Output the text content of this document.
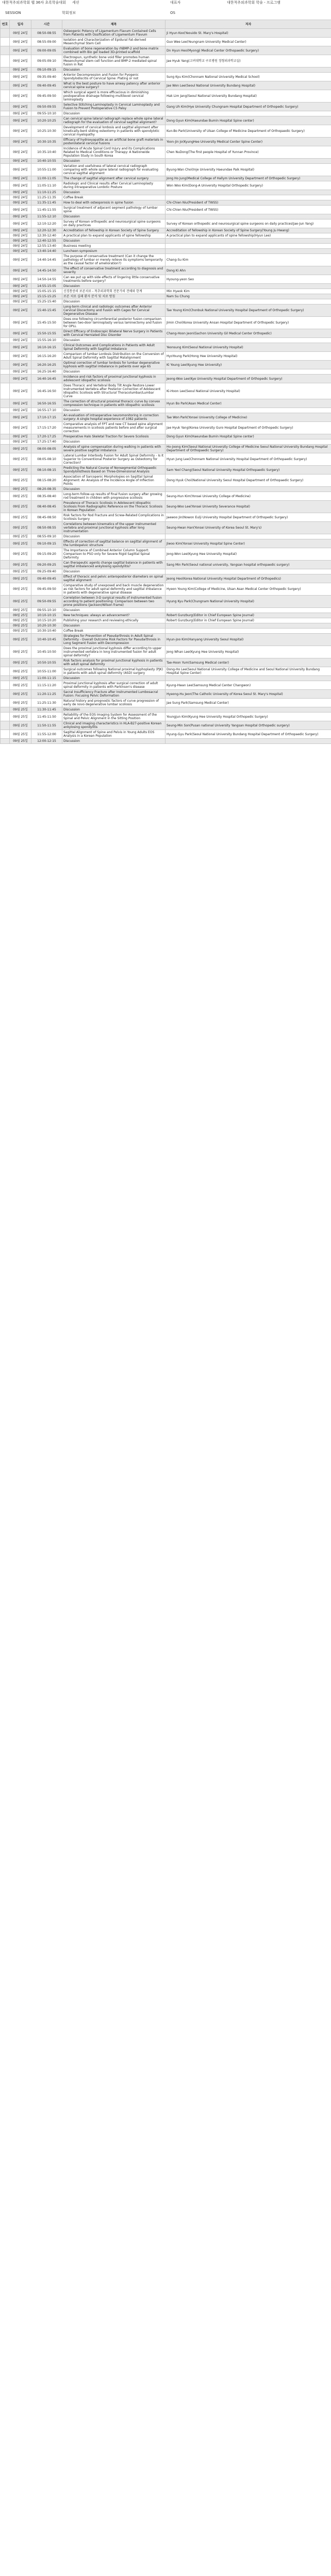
대한척추외과학회 웹 36차 초록학술대회 세션	대표자	대한척추외과학회 학술 - 프로그램
SESSION	학회정보	OS
번호	일자	시간	제목	저자
	09월 24일	08:50-08:55	Osteogenic Potency of Ligamentum Flavum Contained Cells from Patients with Ossification of Ligamentum Flavum	Ji Hyun Koo(Yeouido St. Mary's Hospital)
	09월 24일	08:55-09:00	Isolation and Characterization of Epidural Fat-derived Mesenchymal Stem Cell	Guo Wee Lee(Yeungnam University Medical Center)
	09월 24일	09:00-09:05	Evaluation of bone regeneration by rhBMP-2 and bone matrix combined with Bio gel loaded 3D-printed scaffold	Dn Hyun Heo(Myongji Medical Center Orthopaedic Surgery)
	09월 24일	09:05-09:10	Electrospun, synthetic bone void filler promotes human Mesenchymal stem cell function and BMP-2 mediated spinal fusion in Rat	Jae Hyuk Yang(고려대학교 구로병원 정형외과학교실)
	09월 24일	09:10-09:15	Discussion	
	09월 24일	09:35-09:40	Anterior Decompression and Fusion for Pyogenic Spondylodiscitis of Cervical Spine: Plating or not	Sung Kyu Kim(Chonnam National University Medical School)
	09월 24일	09:40-09:45	What is the best posture to have airway patency after anterior cervical spine surgery?	Jae Won Lee(Seoul National University Bundang Hospital)
	09월 24일	09:45-09:50	Which surgical agent is more efficacious in diminishing postoperative drainage following multilevel cervical laminoplasty	Hak Lim Jang(Seoul National University Bundang Hospital)
	09월 24일	09:50-09:55	Selective Stitching Laminoplasty in Cervical Laminoplasty and Fusion to Prevent Postoperative C5 Palsy	Gang Uh Kim(Hye University Chungnam Hospital Department of Orthopedic Surgery)
	09월 24일	09:55-10:10	Discussion	
	09월 24일	10:20-10:25	Can cervical spine lateral radiograph replace whole spine lateral radiograph for the evaluation of cervical sagittal alignment?	Dong Gyun Kim(Haeundae Bumin Hospital Spine center)
	09월 24일	10:25-10:30	Development of cervical lordosis and sagittal alignment after kinetically-bent sliding osteotomy in patients with spondylotic cervical myelopathy	Kun-Bo Park(University of Ulsan College of Medicine Department of Orthopaedic Surgery)
	09월 24일	10:30-10:35	Efficacy of hydroxyapatite as an artificial bone graft materials in posterolateral cervical fusions	Yoon-Jin Jo(KyungHee University Medical Center Spine Center)
	09월 24일	10:35-10:40	Incidence of Acute Spinal Cord Injury and its Complications Related to Medical Conditions or Therapy: A Nationwide Population Study in South Korea	Chen NuDong(The first people Hospital of Yunnan Province)
	09월 24일	10:40-10:55	Discussion	
	09월 24일	10:55-11:00	Variation and usefulness of lateral cervical radiograph comparing with whole spine lateral radiograph for evaluating cervical sagittal alignment	Byung-Wan Choi(Inje University Haeundae Paik Hospital)
	09월 24일	11:00-11:05	The change of sagittal alignment after cervical surgery	Jong Ho Jung(Medical College of Hallym University Department of Orthopedic Surgery)
	09월 24일	11:05-11:10	Radiologic and Clinical results after Cervical Laminoplasty during intraoperative Lordotic Posture	Won Woo Kim(Dong-A University Hospital Orthopedic Surgery)
	09월 24일	11:10-11:25	Discussion	
	09월 24일	11:25-11:35	Coffee Break	
	09월 24일	11:35-11:45	How to deal with osteoporosis in spine fusion	Chi-Chien Niu(President of TWSS)
	09월 24일	11:45-11:55	Surgical treatment of adjacent segment pathology of lumbar spine	Chi-Chien Niu(President of TWSS)
	09월 24일	11:55-12:10	Discussion	
	09월 24일	12:10-12:20	Survey of Korean orthopedic and neurosurgical spine surgeons on daily practices	Survey of Korean orthopedic and neurosurgical spine surgeons on daily practices(Jae-Jun Yang)
	09월 24일	12:20-12:30	Accreditation of fellowship in Korean Society of Spine Surgery	Accreditation of fellowship in Korean Society of Spine Surgery(Young Ju Hwang)
	09월 24일	12:30-12:40	A practical plan to expand applicants of spine fellowship	A practical plan to expand applicants of spine fellowship(Hyun Lee)
	09월 24일	12:40-12:55	Discussion	
	09월 24일	12:55-13:40	Business meeting	
	09월 24일	13:40-14:40	Luncheon symposium	
	09월 24일	14:40-14:45	The purpose of conservative treatment (Can it change the pathology of lumbar or merely relieve its symptoms temporarily as the causal factor of amelioration?)	Chang-Su Kim
	09월 24일	14:45-14:50	The effect of conservative treatment according to diagnosis and severity	Dong Ki Ahn
	09월 24일	14:50-14:55	Can we put up with side effects of lingering little conservative treatments before surgery?	Hyoung-yeon Seo
	09월 24일	14:55-15:05	Discussion	
	09월 24일	15:05-15:15	신경통증의 보존치료 - 척추외과학회 전문가의 견해와 한계	Min Hyeok Kim
	09월 24일	15:15-15:25	보존 치료 실패 환자 분석 및 치료 방침	Nam Su Chung
	09월 24일	15:25-15:40	Discussion	
	09월 24일	15:40-15:45	Long-term clinical and radiologic outcomes after Anterior Cervical Discectomy and Fusion with Cages for Cervical Degenerative Disease	Tae Young Kim(Chonbuk National University Hospital Department of Orthopedic Surgery)
	09월 24일	15:45-15:50	Does one following circumferential posterior fusion comparison between two-door laminoplasty versus laminectomy and fusion for OPLL	Jimin Choi(Korea University Ansan Hospital Department of Orthopedic Surgery)
	09월 24일	15:50-15:55	Direct Efficacy of Endoscopic Bilateral Nerve Surgery in Patients with Cervical Herniated Disc Disorder	Chang-Hoon Jeon(Gachon University Gil Medical Center Orthopedic)
	09월 24일	15:55-16:10	Discussion	
	09월 24일	16:10-16:15	Clinical Outcomes and Complications in Patients with Adult Spinal Deformity with Sagittal Imbalance	Yeonsung Kim(Seoul National University Hospital)
	09월 24일	16:15-16:20	Comparison of lumbar Lordosis Distribution on the Conversion of Adult Spinal Deformity with Sagittal Malalignment	HyoYoung Park(Hong Hee University Hospital)
	09월 24일	16:20-16:25	Optimal correction of lumbar lordosis for lumbar degenerative kyphosis with sagittal imbalance in patients over age 65	Ki Young Lee(Kyung Hee University)
	09월 24일	16:25-16:40	Discussion	
	09월 24일	16:40-16:45	Incidence and risk factors of proximal junctional kyphosis in adolescent idiopathic scoliosis	Jeong-Woo Lee(Kye University Hospital Department of Orthopedic Surgery)
	09월 24일	16:45-16:50	Does Thoracic and Vertebral Body Tilt Angle Restore Lower Instrumented Vertebra after Posterior Correction of Adolescent Idiopathic Scoliosis with Structural Thoracolumbar/Lumbar Curve	Ki-Hoon Lee(Seoul National University Hospital)
	09월 24일	16:50-16:55	The correction of structural proximal thoracic curve by convex compression technique in patients with idiopathic scoliosis	Hyun Bo Park(Asan Medical Center)
	09월 24일	16:55-17:10	Discussion	
	09월 24일	17:10-17:15	An evaluation of intraoperative neuromonitoring in correction surgery: A single hospital experience of 1082 patients	Tae Won Park(Yonsei University College of Medicine)
	09월 24일	17:15-17:20	Comparative analysis of FPT and new CT based spine alignment measurements in scoliosis patients before and after surgical correction	Jae Hyuk Yang(Korea University Guro Hospital Department of Orthopedic Surgery)
	09월 24일	17:20-17:25	Preoperative Halo Skeletal Traction for Severe Scoliosis	Dong Gyun Kim(Haeundae Bumin Hospital Spine center)
	09월 24일	17:25-17:40	Discussion	
	09월 25일	08:00-08:05	Analysis of spine compensation during walking in patients with severe positive sagittal imbalance	Ho-Joong Kim(Seoul National University College of Medicine Seoul National University Bundang Hospital Department of Orthopaedic Surgery)
	09월 25일	08:05-08:10	Lateral Lumbar Interbody Fusion for Adult Spinal Deformity - Is It Superior to Conventional Posterior Surgery as Osteotomy for Correction?	Hyun Jung Lee(Chonnam National University Hospital Department of Orthopaedic Surgery)
	09월 25일	08:10-08:15	Predicting the Natural Course of Nonsegmental Orthopaedic Spondylolisthesis Based on Three-Dimensional Analysis	Sam Yeol Chang(Seoul National University Hospital Orthopaedic Surgery)
	09월 25일	08:15-08:20	Association of Sarcopenic Morphologies on Sagittal Spinal Alignment: An Analysis of the Incidence Angle of Inflection Points	Dong Hyuk Choi(National University Seoul Hospital Department of Orthopaedic Surgery)
	09월 25일	08:20-08:35	Discussion	
	09월 25일	08:35-08:40	Long-term follow-up results of final fusion surgery after growing rod treatment in children with progressive scoliosis	Seung-Hun Kim(Yonsei University College of Medicine)
	09월 25일	08:40-08:45	Prevalence of Thoracic Scoliosis in Adolescent Idiopathic Scoliosis From Radiographic Reference on the Thoracic Scoliosis in Korean Population	Seung-Woo Lee(Yonsei University Severance Hospital)
	09월 25일	08:45-08:50	Risk factors for Rod Fracture and Screw-Related Complications in Scoliosis Surgery	Jaewoo Jin(Nowon Eulji University Hospital Department of Orthopedic Surgery)
	09월 25일	08:50-08:55	Correlations between kinematics of the upper instrumented vertebra and proximal junctional kyphosis after long instrumentation	Seung-Hwan Han(Yonsei University of Korea Seoul St. Mary's)
	09월 25일	08:55-09:10	Discussion	
	09월 25일	09:10-09:15	Effects of correction of sagittal balance on sagittal alignment of the lumbopelvic structure	Jiwoo Kim(Yonsei University Hospital Spine Center)
	09월 25일	09:15-09:20	The Importance of Combined Anterior Column Support: Comparison to PSO only for Severe Rigid Sagittal Spinal Deformity	Jong-Won Lee(Kyung Hee University Hospital)
	09월 25일	09:20-09:25	Can therapeutic agents change sagittal balance in patients with sagittal imbalanced ankylosing spondylitis?	Sang Min Park(Seoul national university, Yangsan hospital orthopaedic surgery)
	09월 25일	09:25-09:40	Discussion	
	09월 25일	09:40-09:45	Effect of thoracic and pelvic anteroposterior diameters on spinal sagittal alignment	Jeong Heo(Korea National University Hospital Department of Orthopedics)
	09월 25일	09:45-09:50	Comparative study of unexposed and back muscle degeneration as risk factors for adult spinal deformity and sagittal imbalance in patients with degenerative spinal disease	Hyeon Young Kim(College of Medicine, Ulsan Asan Medical Center Orthopedic Surgery)
	09월 25일	09:50-09:55	Correlation between 3-D surgical results of instrumented fusion according to patient positioning: Comparison between two prone positions (Jackson/Wilson frame)	Hyung Kyu Park(Chungnam National University Hospital)
	09월 25일	09:55-10:10	Discussion	
	09월 25일	10:10-10:15	New techniques: always an advancement?	Robert Gunzburg(Editor in Chief European Spine Journal)
	09월 25일	10:15-10:20	Publishing your research and reviewing ethically	Robert Gunzburg(Editor in Chief European Spine Journal)
	09월 25일	10:20-10:30	Discussion	
	09월 25일	10:30-10:40	Coffee Break	
	09월 25일	10:40-10:45	Strategies for Prevention of Pseudarthrosis in Adult Spinal Deformity - Overall Outcome Risk Factors for Pseudarthrosis in Long Segment Fusion with Decompression	Hyun-Joo Kim(Hanyang University Seoul Hospital)
	09월 25일	10:45-10:50	Does the proximal junctional kyphosis differ according to upper instrumented vertebra in long instrumented fusion for adult spinal deformity?	Jong Whan Lee(Kyung Hee University Hospital)
	09월 25일	10:50-10:55	Risk factors analysis for proximal junctional kyphosis in patients with adult spinal deformity	Tae-Hoon Yum(Samsung Medical center)
	09월 25일	10:55-11:00	Surgical outcomes following National proximal kyphoplasty (PJK) in patients with adult spinal deformity (ASD) surgery	Dong-Ho Lee(Seoul National University College of Medicine and Seoul National University Bundang Hospital Spine Center)
	09월 25일	11:00-11:15	Discussion	
	09월 25일	11:15-11:20	Proximal junctional kyphosis after surgical correction of adult spinal deformity in patients with Parkinson's disease	Kyung-Hwan Lee(Samsung Medical Center Changwon)
	09월 25일	11:20-11:25	Sacral Insufficiency Fracture after Instrumented Lumbosacral Fusion: Focusing Pelvic Deformation	Hyeong-Hu Jeon(The Catholic University of Korea Seoul St. Mary's Hospital)
	09월 25일	11:25-11:30	Natural history and prognostic factors of curve progression of early de novo degenerative lumbar scoliosis	Jae Sung Park(Samsung Medical Center)
	09월 25일	11:30-11:45	Discussion	
	09월 25일	11:45-11:50	Reliability of the EOS Imaging System for Assessment of the Spinal and Pelvic Alignment in the Sitting Position	Youngjun Kim(Kyung Hee University Hospital Orthopedic Surgery)
	09월 25일	11:50-11:55	Clinical and imaging characteristics in HLA-B27-positive Korean ankylosing spondylitis	Seung-Min Son(Pusan national University Yangsan Hospital Orthopedic surgery)
	09월 25일	11:55-12:00	Sagittal Alignment of Spine and Pelvis in Young Adults EOS Analysis in a Korean Population	Hyung-Gyu Park(Seoul National University Bundang Hospital Department of Orthopaedic Surgery)
	09월 25일	12:00-12:15	Discussion	
